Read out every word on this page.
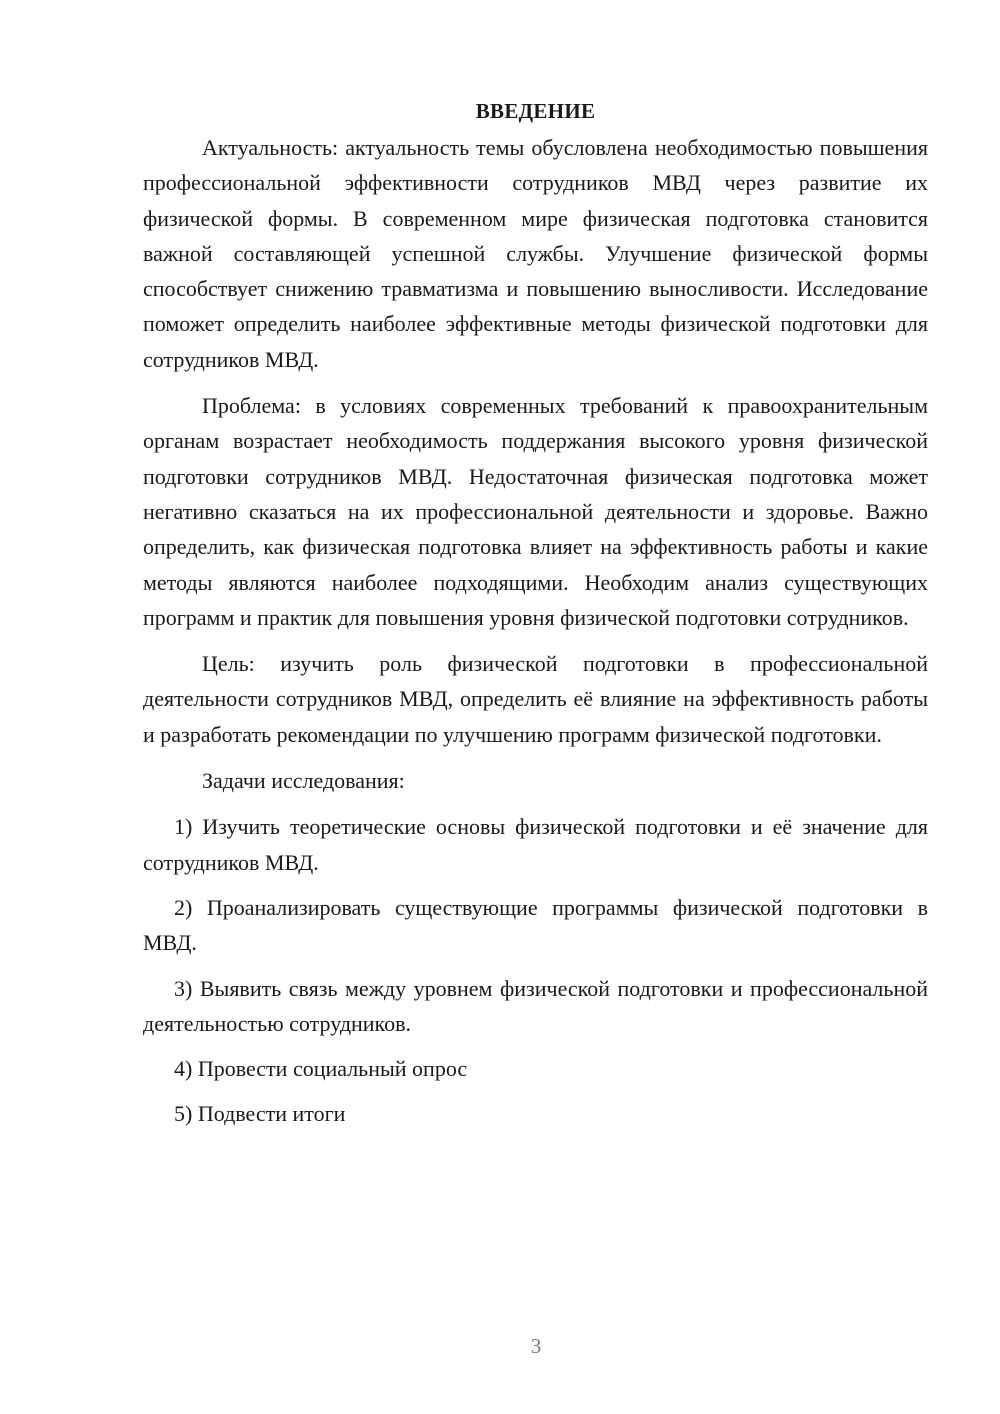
ВВЕДЕНИЕ

Актуальность: актуальность темы обусловлена необходимостью повышения профессиональной эффективности сотрудников МВД через развитие их физической формы. В современном мире физическая подготовка становится важной составляющей успешной службы. Улучшение физической формы способствует снижению травматизма и повышению выносливости. Исследование поможет определить наиболее эффективные методы физической подготовки для сотрудников МВД.

Проблема: в условиях современных требований к правоохранительным органам возрастает необходимость поддержания высокого уровня физической подготовки сотрудников МВД. Недостаточная физическая подготовка может негативно сказаться на их профессиональной деятельности и здоровье. Важно определить, как физическая подготовка влияет на эффективность работы и какие методы являются наиболее подходящими. Необходим анализ существующих программ и практик для повышения уровня физической подготовки сотрудников.

Цель: изучить роль физической подготовки в профессиональной деятельности сотрудников МВД, определить её влияние на эффективность работы и разработать рекомендации по улучшению программ физической подготовки.

Задачи исследования:

1) Изучить теоретические основы физической подготовки и её значение для сотрудников МВД.

2) Проанализировать существующие программы физической подготовки в МВД.

3) Выявить связь между уровнем физической подготовки и профессиональной деятельностью сотрудников.

4) Провести социальный опрос

5) Подвести итоги

3
